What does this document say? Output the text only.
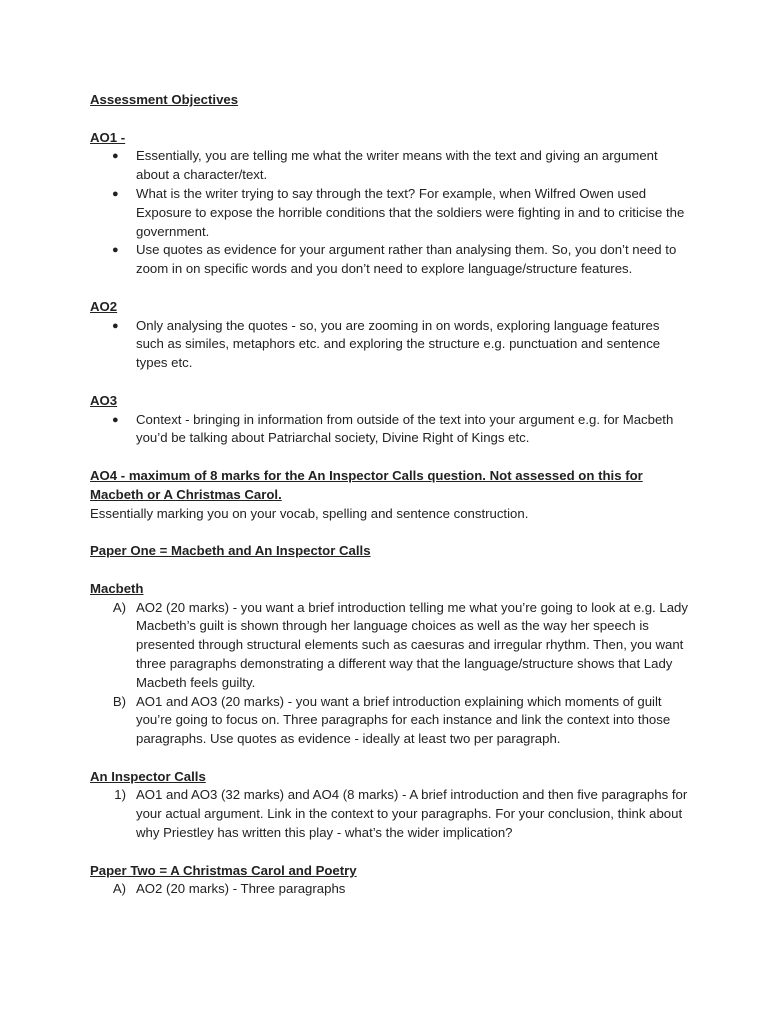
Assessment Objectives

AO1 -

● Essentially, you are telling me what the writer means with the text and giving an argument about a character/text.
● What is the writer trying to say through the text? For example, when Wilfred Owen used Exposure to expose the horrible conditions that the soldiers were fighting in and to criticise the government.
● Use quotes as evidence for your argument rather than analysing them. So, you don’t need to zoom in on specific words and you don’t need to explore language/structure features.

AO2

● Only analysing the quotes - so, you are zooming in on words, exploring language features such as similes, metaphors etc. and exploring the structure e.g. punctuation and sentence types etc.

AO3

● Context - bringing in information from outside of the text into your argument e.g. for Macbeth you’d be talking about Patriarchal society, Divine Right of Kings etc.

AO4 - maximum of 8 marks for the An Inspector Calls question. Not assessed on this for Macbeth or A Christmas Carol.

Essentially marking you on your vocab, spelling and sentence construction.

Paper One = Macbeth and An Inspector Calls

Macbeth

A) AO2 (20 marks) - you want a brief introduction telling me what you’re going to look at e.g. Lady Macbeth’s guilt is shown through her language choices as well as the way her speech is presented through structural elements such as caesuras and irregular rhythm. Then, you want three paragraphs demonstrating a different way that the language/structure shows that Lady Macbeth feels guilty.
B) AO1 and AO3 (20 marks) - you want a brief introduction explaining which moments of guilt you’re going to focus on. Three paragraphs for each instance and link the context into those paragraphs. Use quotes as evidence - ideally at least two per paragraph.

An Inspector Calls

1) AO1 and AO3 (32 marks) and AO4 (8 marks) - A brief introduction and then five paragraphs for your actual argument. Link in the context to your paragraphs. For your conclusion, think about why Priestley has written this play - what’s the wider implication?

Paper Two = A Christmas Carol and Poetry

A) AO2 (20 marks) - Three paragraphs
